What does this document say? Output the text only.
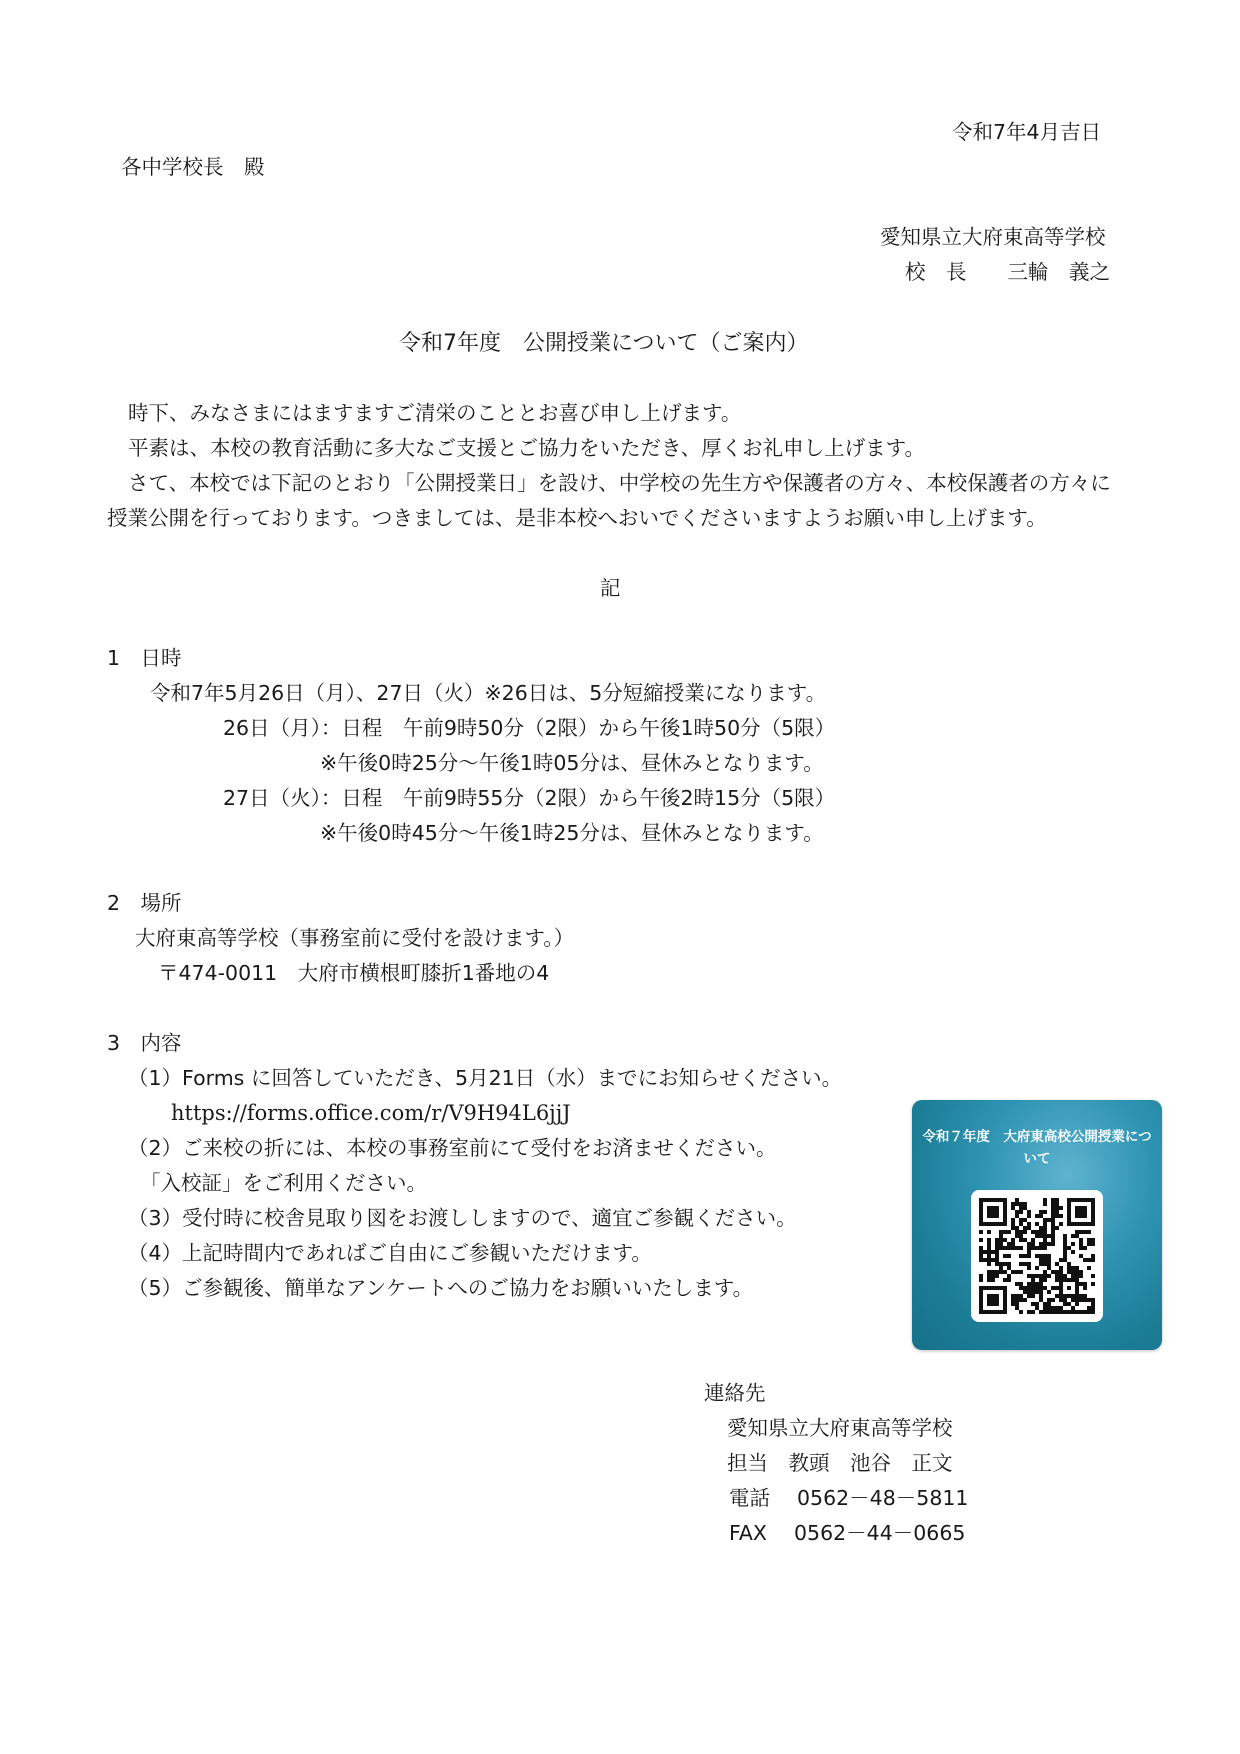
令和7年4月吉日
各中学校長　殿
愛知県立大府東高等学校
校　長　　三輪　義之
令和7年度　公開授業について（ご案内）
時下、みなさまにはますますご清栄のこととお喜び申し上げます。
平素は、本校の教育活動に多大なご支援とご協力をいただき、厚くお礼申し上げます。
さて、本校では下記のとおり「公開授業日」を設け、中学校の先生方や保護者の方々、本校保護者の方々に
授業公開を行っております。つきましては、是非本校へおいでくださいますようお願い申し上げます。
記
1　日時
令和7年5月26日（月）、27日（火）※26日は、5分短縮授業になります。
26日（月）：日程　午前9時50分（2限）から午後1時50分（5限）
※午後0時25分～午後1時05分は、昼休みとなります。
27日（火）：日程　午前9時55分（2限）から午後2時15分（5限）
※午後0時45分～午後1時25分は、昼休みとなります。
2　場所
大府東高等学校（事務室前に受付を設けます。）
〒474-0011　大府市横根町膝折1番地の4
3　内容
（1）Forms に回答していただき、5月21日（水）までにお知らせください。
https://forms.office.com/r/V9H94L6jjJ
（2）ご来校の折には、本校の事務室前にて受付をお済ませください。
「入校証」をご利用ください。
（3）受付時に校舎見取り図をお渡ししますので、適宜ご参観ください。
（4）上記時間内であればご自由にご参観いただけます。
（5）ご参観後、簡単なアンケートへのご協力をお願いいたします。
令和７年度　大府東高校公開授業について
連絡先
愛知県立大府東高等学校
担当　教頭　池谷　正文
電話　 0562－48－5811
FAX　 0562－44－0665
